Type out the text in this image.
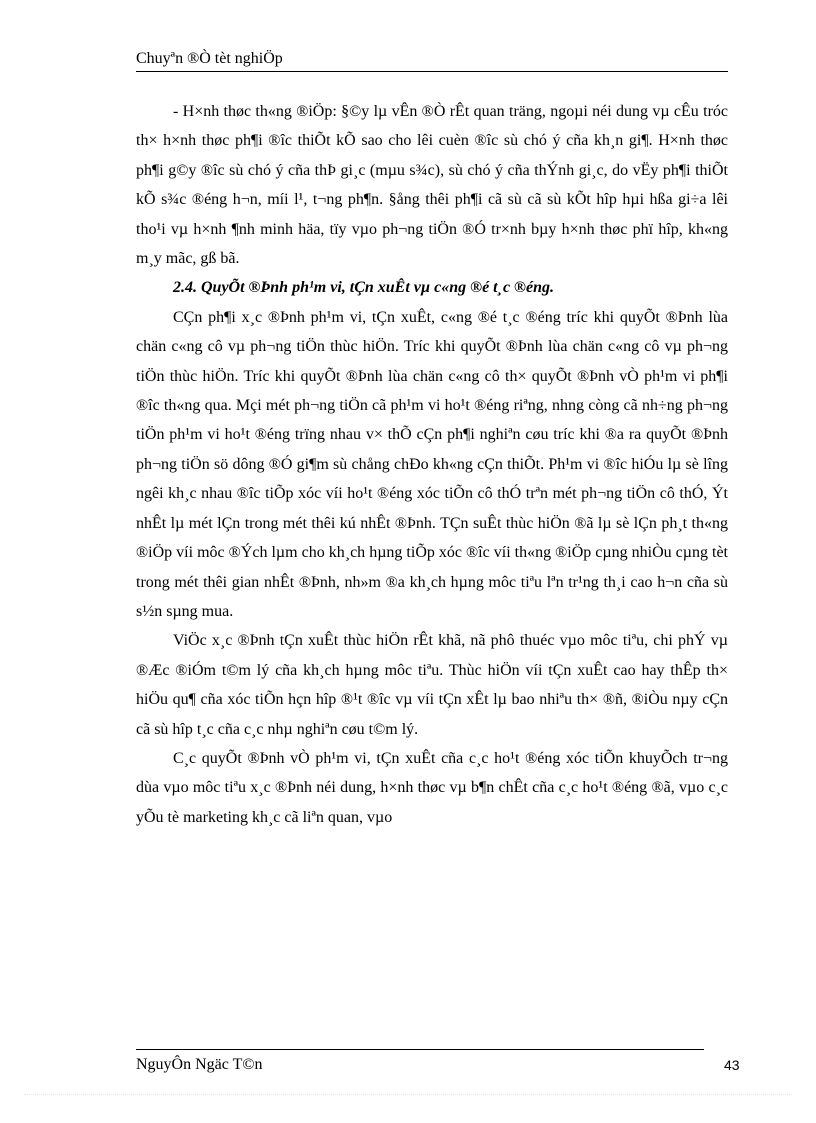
Chuyªn ®Ò tèt nghiÖp

- H×nh thøc th«ng ®iÖp: §©y lµ vÊn ®Ò rÊt quan träng, ngoµi néi dung vµ cÊu tróc th× h×nh thøc ph¶i ®îc thiÕt kÕ sao cho lêi cuèn ®îc sù chó ý cña kh¸n gi¶. H×nh thøc ph¶i g©y ®îc sù chó ý cña thÞ gi¸c (mµu s¾c), sù chó ý cña thÝnh gi¸c, do vËy ph¶i thiÕt kÕ s¾c ®éng h¬n, míi l¹, t¬ng ph¶n. §ång thêi ph¶i cã sù cã sù kÕt hîp hµi hßa gi÷a lêi tho¹i vµ h×nh ¶nh minh häa, tïy vµo ph¬ng tiÖn ®Ó tr×nh bµy h×nh thøc phï hîp, kh«ng m¸y mãc, gß bã.

2.4. QuyÕt ®Þnh ph¹m vi, tÇn xuÊt vµ c«ng ®é t¸c ®éng.

CÇn ph¶i x¸c ®Þnh ph¹m vi, tÇn xuÊt, c«ng ®é t¸c ®éng tríc khi quyÕt ®Þnh lùa chän c«ng cô vµ ph¬ng tiÖn thùc hiÖn. Tríc khi quyÕt ®Þnh lùa chän c«ng cô vµ ph¬ng tiÖn thùc hiÖn. Tríc khi quyÕt ®Þnh lùa chän c«ng cô th× quyÕt ®Þnh vÒ ph¹m vi ph¶i ®îc th«ng qua. Mçi mét ph¬ng tiÖn cã ph¹m vi ho¹t ®éng riªng, nhng còng cã nh÷ng ph¬ng tiÖn ph¹m vi ho¹t ®éng trïng nhau v× thÕ cÇn ph¶i nghiªn cøu tríc khi ®a ra quyÕt ®Þnh ph¬ng tiÖn sö dông ®Ó gi¶m sù chång chÐo kh«ng cÇn thiÕt. Ph¹m vi ®îc hiÓu lµ sè lîng ngêi kh¸c nhau ®îc tiÕp xóc víi ho¹t ®éng xóc tiÕn cô thÓ trªn mét ph¬ng tiÖn cô thÓ, Ýt nhÊt lµ mét lÇn trong mét thêi kú nhÊt ®Þnh. TÇn suÊt thùc hiÖn ®ã lµ sè lÇn ph¸t th«ng ®iÖp víi môc ®Ých lµm cho kh¸ch hµng tiÕp xóc ®îc víi th«ng ®iÖp cµng nhiÒu cµng tèt trong mét thêi gian nhÊt ®Þnh, nh»m ®a kh¸ch hµng môc tiªu lªn tr¹ng th¸i cao h¬n cña sù s½n sµng mua.

ViÖc x¸c ®Þnh tÇn xuÊt thùc hiÖn rÊt khã, nã phô thuéc vµo môc tiªu, chi phÝ vµ ®Æc ®iÓm t©m lý cña kh¸ch hµng môc tiªu. Thùc hiÖn víi tÇn xuÊt cao hay thÊp th× hiÖu qu¶ cña xóc tiÕn hçn hîp ®¹t ®îc vµ víi tÇn xÊt lµ bao nhiªu th× ®ñ, ®iÒu nµy cÇn cã sù hîp t¸c cña c¸c nhµ nghiªn cøu t©m lý.

C¸c quyÕt ®Þnh vÒ ph¹m vi, tÇn xuÊt cña c¸c ho¹t ®éng xóc tiÕn khuyÕch tr¬ng dùa vµo môc tiªu x¸c ®Þnh néi dung, h×nh thøc vµ b¶n chÊt cña c¸c ho¹t ®éng ®ã, vµo c¸c yÕu tè marketing kh¸c cã liªn quan, vµo

NguyÔn Ngäc T©n	43
